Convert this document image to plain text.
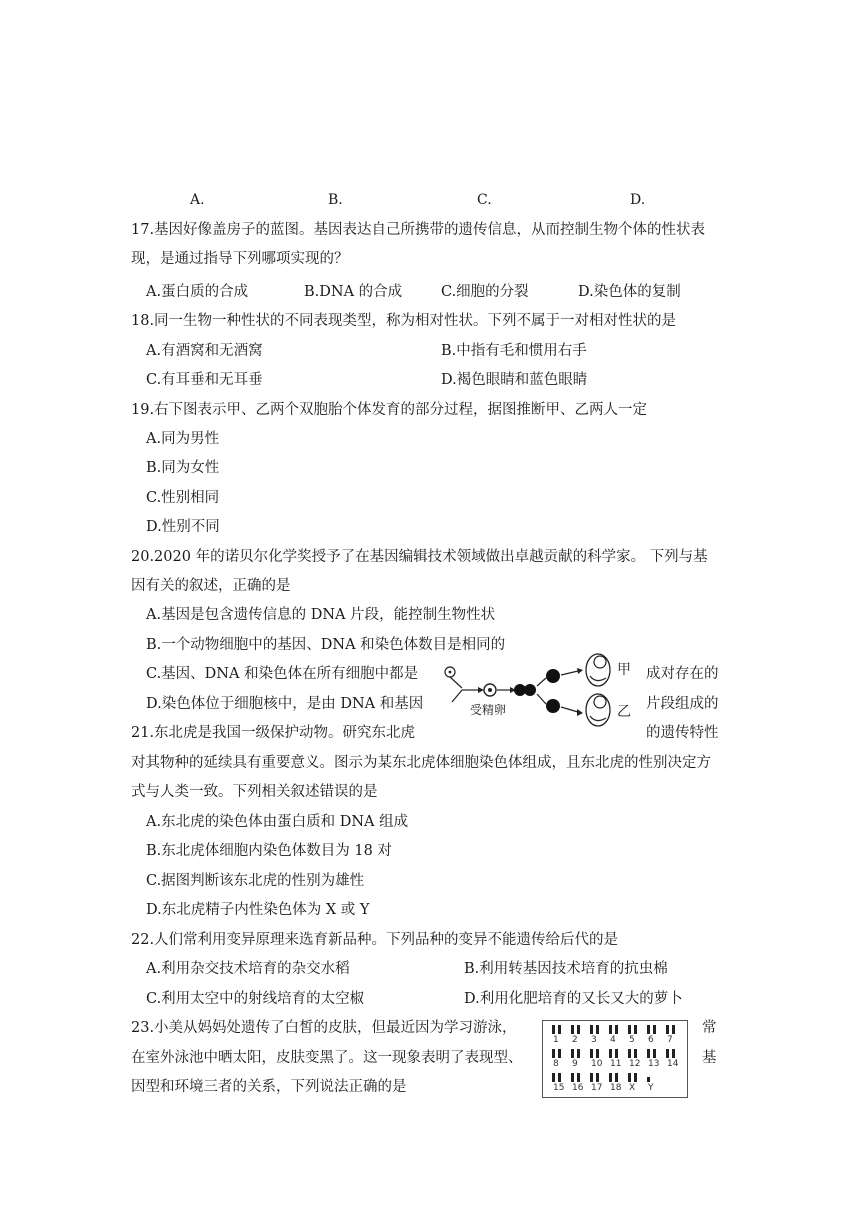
A.	B.	C.	D.
17.基因好像盖房子的蓝图。基因表达自己所携带的遗传信息，从而控制生物个体的性状表
现，是通过指导下列哪项实现的？
A.蛋白质的合成	B.DNA 的合成	C.细胞的分裂	D.染色体的复制
18.同一生物一种性状的不同表现类型，称为相对性状。下列不属于一对相对性状的是
A.有酒窝和无酒窝	B.中指有毛和惯用右手
C.有耳垂和无耳垂	D.褐色眼睛和蓝色眼睛
19.右下图表示甲、乙两个双胞胎个体发育的部分过程，据图推断甲、乙两人一定
A.同为男性
B.同为女性
C.性别相同
D.性别不同
20.2020 年的诺贝尔化学奖授予了在基因编辑技术领域做出卓越贡献的科学家。 下列与基
因有关的叙述，正确的是
A.基因是包含遗传信息的 DNA 片段，能控制生物性状
B.一个动物细胞中的基因、DNA 和染色体数目是相同的
C.基因、DNA 和染色体在所有细胞中都是	成对存在的
D.染色体位于细胞核中，是由 DNA 和基因	片段组成的
受精卵
甲
乙
21.东北虎是我国一级保护动物。研究东北虎	的遗传特性
对其物种的延续具有重要意义。图示为某东北虎体细胞染色体组成，且东北虎的性别决定方
式与人类一致。下列相关叙述错误的是
A.东北虎的染色体由蛋白质和 DNA 组成
B.东北虎体细胞内染色体数目为 18 对
C.据图判断该东北虎的性别为雄性
D.东北虎精子内性染色体为 X 或 Y
22.人们常利用变异原理来选育新品种。下列品种的变异不能遗传给后代的是
A.利用杂交技术培育的杂交水稻	B.利用转基因技术培育的抗虫棉
C.利用太空中的射线培育的太空椒	D.利用化肥培育的又长又大的萝卜
23.小美从妈妈处遗传了白皙的皮肤，但最近因为学习游泳，	常
在室外泳池中晒太阳，皮肤变黑了。这一现象表明了表现型、	基
因型和环境三者的关系，下列说法正确的是
1 2 3 4 5 6 7
8 9 10 11 12 13 14
15 16 17 18 X Y
